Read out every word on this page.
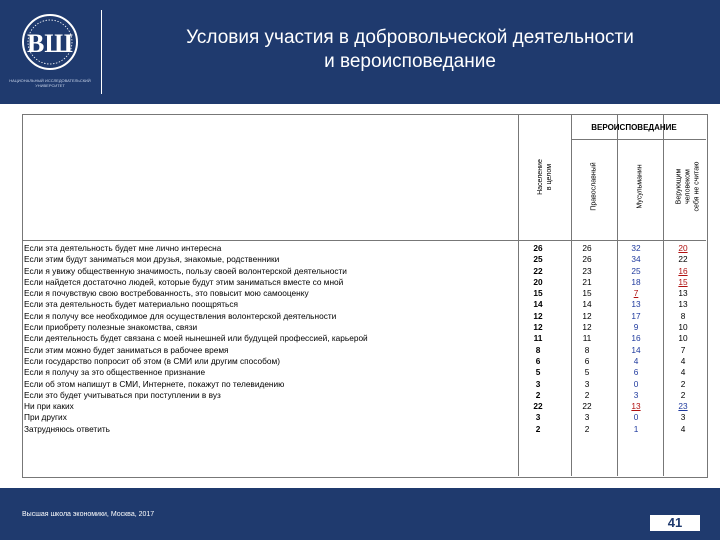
ВШ
НАЦИОНАЛЬНЫЙ ИССЛЕДОВАТЕЛЬСКИЙ УНИВЕРСИТЕТ
Условия участия в добровольческой деятельности
и вероисповедание
ВЕРОИСПОВЕДАНИЕ
Население в целом	Православный	Мусульманин	Верующим человеком себя не считаю
Если эта деятельность будет мне лично интересна	26	26	32	20
Если этим будут заниматься мои друзья, знакомые, родственники	25	26	34	22
Если я увижу общественную значимость, пользу своей волонтерской деятельности	22	23	25	16
Если найдется достаточно людей, которые будут этим заниматься вместе со мной	20	21	18	15
Если я почувствую свою востребованность, это повысит мою самооценку	15	15	7	13
Если эта деятельность будет материально поощряться	14	14	13	13
Если я получу все необходимое для осуществления волонтерской деятельности	12	12	17	8
Если приобрету полезные знакомства, связи	12	12	9	10
Если деятельность будет связана с моей нынешней или будущей профессией, карьерой	11	11	16	10
Если этим можно будет заниматься в рабочее время	8	8	14	7
Если государство попросит об этом (в СМИ или другим способом)	6	6	4	4
Если я получу за это общественное признание	5	5	6	4
Если об этом напишут в СМИ, Интернете, покажут по телевидению	3	3	0	2
Если это будет учитываться при поступлении в вуз	2	2	3	2
Ни при каких	22	22	13	23
При других	3	3	0	3
Затрудняюсь ответить	2	2	1	4
Высшая школа экономики, Москва, 2017
41
